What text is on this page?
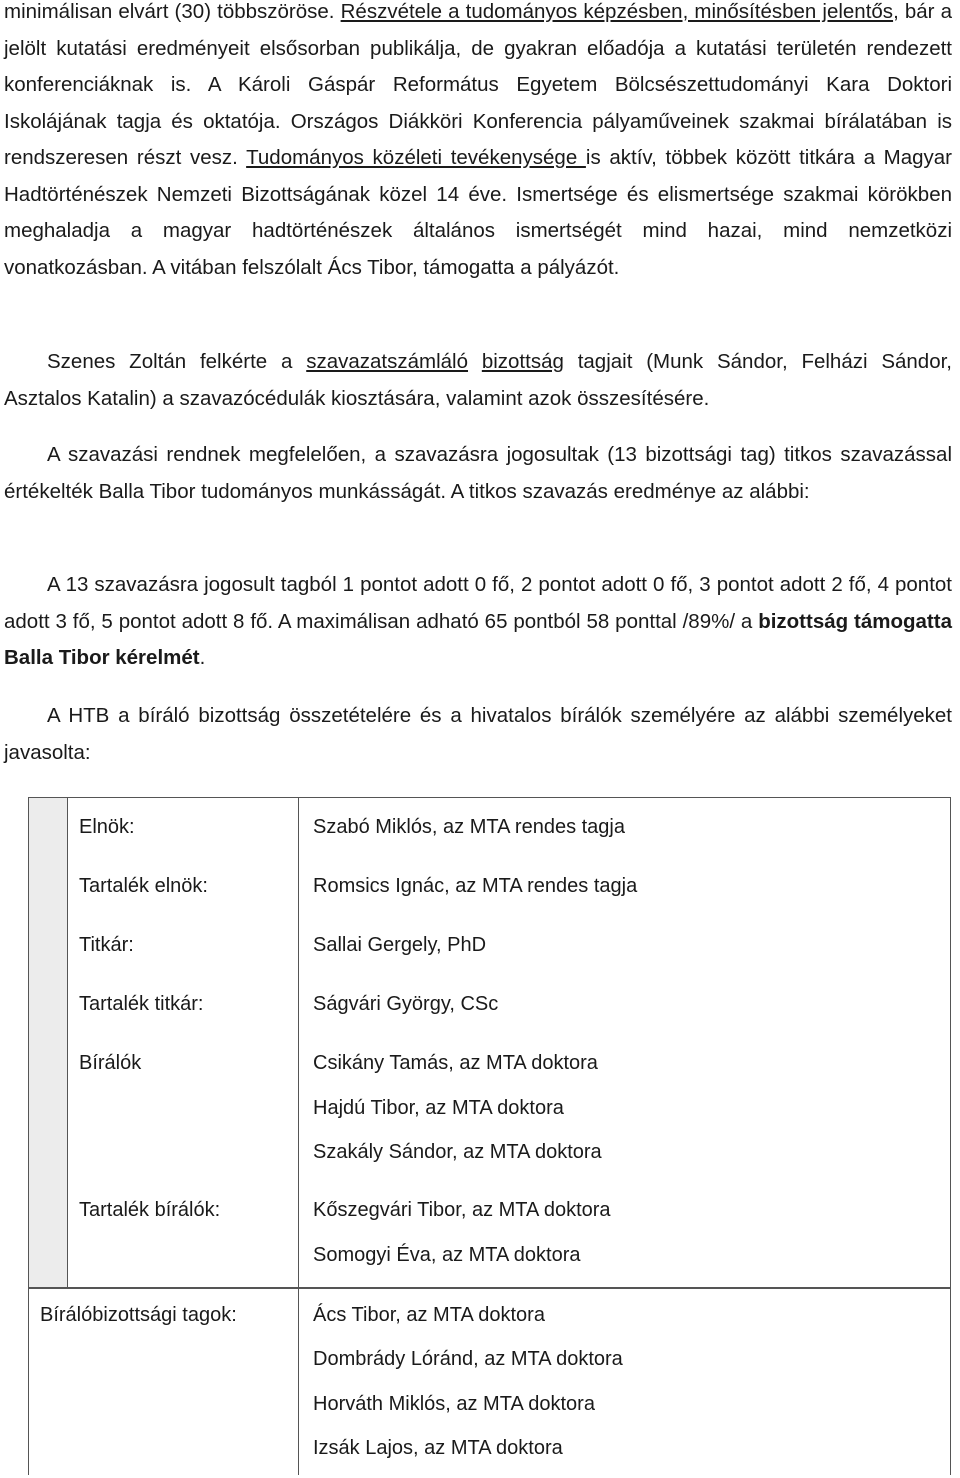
minimálisan elvárt (30) többszöröse. Részvétele a tudományos képzésben, minősítésben jelentős, bár a jelölt kutatási eredményeit elsősorban publikálja, de gyakran előadója a kutatási területén rendezett konferenciáknak is. A Károli Gáspár Református Egyetem Bölcsészettudományi Kara Doktori Iskolájának tagja és oktatója. Országos Diákköri Konferencia pályaműveinek szakmai bírálatában is rendszeresen részt vesz. Tudományos közéleti tevékenysége is aktív, többek között titkára a Magyar Hadtörténészek Nemzeti Bizottságának közel 14 éve. Ismertsége és elismertsége szakmai körökben meghaladja a magyar hadtörténészek általános ismertségét mind hazai, mind nemzetközi vonatkozásban. A vitában felszólalt Ács Tibor, támogatta a pályázót.

Szenes Zoltán felkérte a szavazatszámláló bizottság tagjait (Munk Sándor, Felházi Sándor, Asztalos Katalin) a szavazócédulák kiosztására, valamint azok összesítésére.

A szavazási rendnek megfelelően, a szavazásra jogosultak (13 bizottsági tag) titkos szavazással értékelték Balla Tibor tudományos munkásságát. A titkos szavazás eredménye az alábbi:

A 13 szavazásra jogosult tagból 1 pontot adott 0 fő, 2 pontot adott 0 fő, 3 pontot adott 2 fő, 4 pontot adott 3 fő, 5 pontot adott 8 fő. A maximálisan adható 65 pontból 58 ponttal /89%/ a bizottság támogatta Balla Tibor kérelmét.

A HTB a bíráló bizottság összetételére és a hivatalos bírálók személyére az alábbi személyeket javasolta:

Elnök:	Szabó Miklós, az MTA rendes tagja
Tartalék elnök:	Romsics Ignác, az MTA rendes tagja
Titkár:	Sallai Gergely, PhD
Tartalék titkár:	Ságvári György, CSc
Bírálók	Csikány Tamás, az MTA doktora
Hajdú Tibor, az MTA doktora
Szakály Sándor, az MTA doktora
Tartalék bírálók:	Kőszegvári Tibor, az MTA doktora
Somogyi Éva, az MTA doktora
Bírálóbizottsági tagok:	Ács Tibor, az MTA doktora
Dombrády Lóránd, az MTA doktora
Horváth Miklós, az MTA doktora
Izsák Lajos, az MTA doktora
